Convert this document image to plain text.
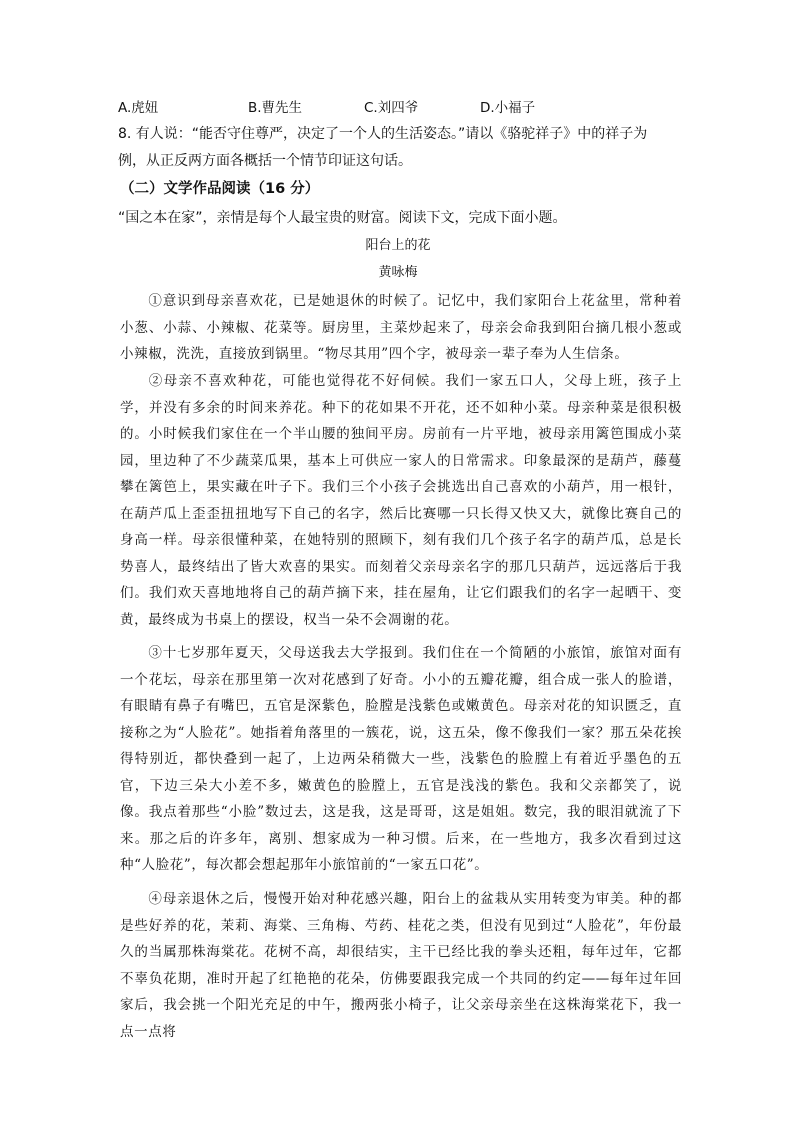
A.虎妞	B.曹先生	C.刘四爷	D.小福子
8. 有人说：“能否守住尊严，决定了一个人的生活姿态。”请以《骆驼祥子》中的祥子为
例，从正反两方面各概括一个情节印证这句话。
（二）文学作品阅读（16 分）
“国之本在家”，亲情是每个人最宝贵的财富。阅读下文，完成下面小题。
阳台上的花
黄咏梅
①意识到母亲喜欢花，已是她退休的时候了。记忆中，我们家阳台上花盆里，常种着小葱、小蒜、小辣椒、花菜等。厨房里，主菜炒起来了，母亲会命我到阳台摘几根小葱或小辣椒，洗洗，直接放到锅里。“物尽其用”四个字，被母亲一辈子奉为人生信条。
②母亲不喜欢种花，可能也觉得花不好伺候。我们一家五口人，父母上班，孩子上学，并没有多余的时间来养花。种下的花如果不开花，还不如种小菜。母亲种菜是很积极的。小时候我们家住在一个半山腰的独间平房。房前有一片平地，被母亲用篱笆围成小菜园，里边种了不少蔬菜瓜果，基本上可供应一家人的日常需求。印象最深的是葫芦，藤蔓攀在篱笆上，果实藏在叶子下。我们三个小孩子会挑选出自己喜欢的小葫芦，用一根针，在葫芦瓜上歪歪扭扭地写下自己的名字，然后比赛哪一只长得又快又大，就像比赛自己的身高一样。母亲很懂种菜，在她特别的照顾下，刻有我们几个孩子名字的葫芦瓜，总是长势喜人，最终结出了皆大欢喜的果实。而刻着父亲母亲名字的那几只葫芦，远远落后于我们。我们欢天喜地地将自己的葫芦摘下来，挂在屋角，让它们跟我们的名字一起晒干、变黄，最终成为书桌上的摆设，权当一朵不会凋谢的花。
③十七岁那年夏天，父母送我去大学报到。我们住在一个简陋的小旅馆，旅馆对面有一个花坛，母亲在那里第一次对花感到了好奇。小小的五瓣花瓣，组合成一张人的脸谱，有眼睛有鼻子有嘴巴，五官是深紫色，脸膛是浅紫色或嫩黄色。母亲对花的知识匮乏，直接称之为“人脸花”。她指着角落里的一簇花，说，这五朵，像不像我们一家？那五朵花挨得特别近，都快叠到一起了，上边两朵稍微大一些，浅紫色的脸膛上有着近乎墨色的五官，下边三朵大小差不多，嫩黄色的脸膛上，五官是浅浅的紫色。我和父亲都笑了，说像。我点着那些“小脸”数过去，这是我，这是哥哥，这是姐姐。数完，我的眼泪就流了下来。那之后的许多年，离别、想家成为一种习惯。后来，在一些地方，我多次看到过这种“人脸花”，每次都会想起那年小旅馆前的“一家五口花”。
④母亲退休之后，慢慢开始对种花感兴趣，阳台上的盆栽从实用转变为审美。种的都是些好养的花，茉莉、海棠、三角梅、芍药、桂花之类，但没有见到过“人脸花”，年份最久的当属那株海棠花。花树不高，却很结实，主干已经比我的拳头还粗，每年过年，它都不辜负花期，准时开起了红艳艳的花朵，仿佛要跟我完成一个共同的约定——每年过年回家后，我会挑一个阳光充足的中午，搬两张小椅子，让父亲母亲坐在这株海棠花下，我一点一点将
